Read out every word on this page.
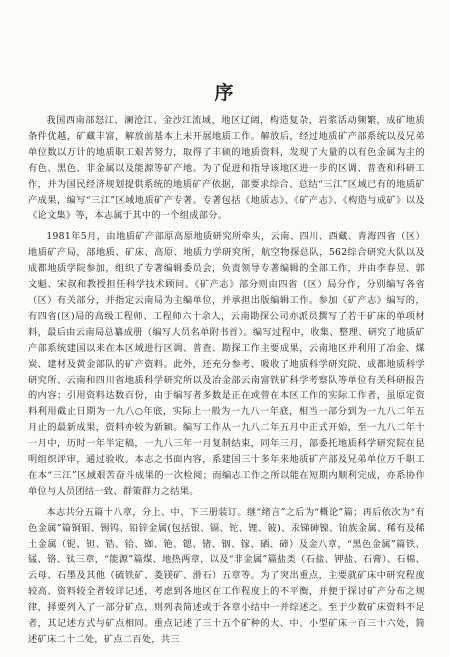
序

我国西南部怒江、澜沧江、金沙江流域，地区辽阔，构造复杂，岩浆活动频繁，成矿地质条件优越，矿藏丰富，解放前基本上未开展地质工作。解放后，经过地质矿产部系统以及兄弟单位数以万计的地质职工艰苦努力，取得了丰硕的地质资料，发现了大量的以有色金属为主的有色、黑色、非金属以及能源等矿产地。为了促进和指导该地区进一步的区调、普查和科研工作，并为国民经济规划提供系统的地质矿产依据，部要求综合、总结“三江”区域已有的地质矿产成果，编写“三江”区域地质矿产专著。专著包括《地质志》、《矿产志》、《构造与成矿》以及《论文集》等，本志属于其中的一个组成部分。

1981年5月，由地质矿产部原高原地质研究所牵头，云南、四川、西藏、青海四省（区）地质矿产局，部地质、矿床、高原、地质力学研究所，航空物探总队，562综合研究大队以及成都地质学院参加，组织了专著编辑委员会，负责领导专著编辑的全部工作，并由李春昱、郭文魁、宋叔和教授担任科学技术顾问。《矿产志》部分则由四省（区）局分作，分别编写各省（区）有关部分，并指定云南局为主编单位，并承担出版编辑工作。参加《矿产志》编写的，有四省(区)局的高级工程师、工程师六十余人，云南勘探公司亦派员撰写了若干矿床的单项材料，最后由云南局总纂成册（编写人员名单附书首）。编写过程中，收集、整理、研究了地质矿产部系统建国以来在本区域进行区调、普查、勘探工作主要成果，云南地区并利用了冶金、煤炭、建材及黄金部队的矿产资料。此外，还充分参考、吸收了地质科学研究院、成都地质科学研究所、云南和四川省地质科学研究所以及冶金部云南富铁矿科学考察队等单位有关科研报告的内容；引用资料达数百份，由于编写者多数是正在或曾在本区工作的实际工作者，虽原定资料利用截止日期为一九八○年底，实际上一般为一九八一年底，相当一部分到为一九八二年五月止的最新成果，资料亦较为新颖。编写工作从一九八二年五月中正式开始，至一九八二年十一月中，历时一年半定稿，一九八三年一月复制结束，同年三月，部委托地质科学研究院在昆明组织评审，通过验收。本志之书面内容，系建国三十多年来地质矿产部及兄弟单位万千职工在本“三江”区域艰苦奋斗成果的一次检阅；而编志工作之所以能在短期内顺利完成，亦系协作单位与人员团结一致、群策群力之结果。

本志共分五篇十八章，分上、中、下三册装订。继“绪言”之后为“概论”篇；再后依次为“有色金属”篇铜钼、锡钨、铅锌金属(包括银、镉、铊、锂、铍)、汞锑砷镍、铂族金属、稀有及稀土金属（铌、钽、锆、铪、铷、铯、锶、锗、铟、镓、硒、碲）及金八章，“黑色金属”篇铁、锰、铬、钛三章，“能源”篇煤、地热两章，以及“非金属”篇盐类（石盐、钾盐、石膏）、石棉、云母、石墨及其他（硫铁矿、菱镁矿、滑石）五章等。为了突出重点，主要就矿床中研究程度较高、资料较全者较详记述，考虑到各地区在工作程度上的不平衡，并便于探讨矿产分布之规律，择要列入了一部分矿点，则列表简述或于各章小结中一并综述之。至于少数矿床资料不足者，其记述方式与矿点相同。重点记述了三十五个矿种的大、中、小型矿床一百三十六处，简述矿床二十二处，矿点二百处，共三
